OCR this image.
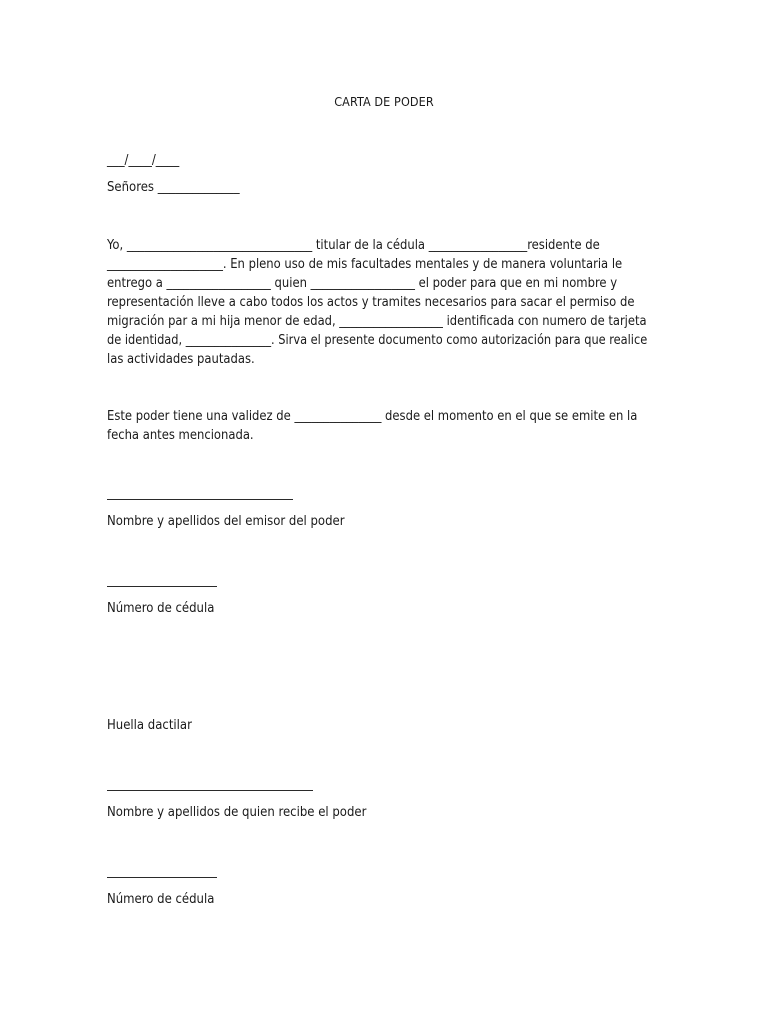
CARTA DE PODER
___/____/____
Señores ______________
Yo, ________________________________ titular de la cédula _________________residente de
____________________. En pleno uso de mis facultades mentales y de manera voluntaria le
entrego a __________________ quien __________________ el poder para que en mi nombre y
representación lleve a cabo todos los actos y tramites necesarios para sacar el permiso de
migración par a mi hija menor de edad, __________________ identificada con numero de tarjeta
de identidad, _______________. Sirva el presente documento como autorización para que realice
las actividades pautadas.
Este poder tiene una validez de _______________ desde el momento en el que se emite en la
fecha antes mencionada.
Nombre y apellidos del emisor del poder
Número de cédula
Huella dactilar
Nombre y apellidos de quien recibe el poder
Número de cédula
